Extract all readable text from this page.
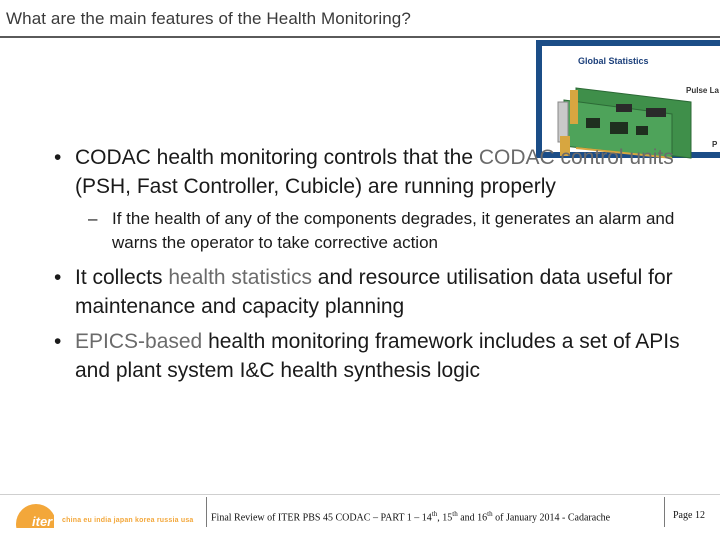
What are the main features of the Health Monitoring?
Global Statistics
Pulse La
P
• CODAC health monitoring controls that the CODAC control units (PSH, Fast Controller, Cubicle) are running properly
– If the health of any of the components degrades, it generates an alarm and warns the operator to take corrective action
• It collects health statistics and resource utilisation data useful for maintenance and capacity planning
• EPICS-based health monitoring framework includes a set of APIs and plant system I&C health synthesis logic
iter china eu india japan korea russia usa Final Review of ITER PBS 45 CODAC – PART 1 – 14th, 15th and 16th of January 2014 - Cadarache	Page 12
